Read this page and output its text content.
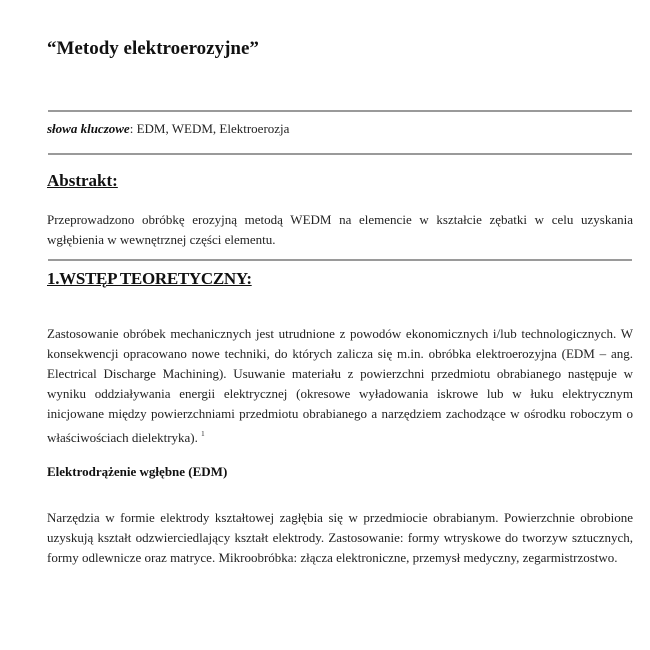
“Metody elektroerozyjne”
słowa kluczowe: EDM, WEDM, Elektroerozja
Abstrakt:
Przeprowadzono obróbkę erozyjną metodą WEDM na elemencie w kształcie zębatki w celu uzyskania wgłębienia w wewnętrznej części elementu.
1.WSTĘP TEORETYCZNY:
Zastosowanie obróbek mechanicznych jest utrudnione z powodów ekonomicznych i/lub technologicznych. W konsekwencji opracowano nowe techniki, do których zalicza się m.in. obróbka elektroerozyjna (EDM – ang. Electrical Discharge Machining). Usuwanie materiału z powierzchni przedmiotu obrabianego następuje w wyniku oddziaływania energii elektrycznej (okresowe wyładowania iskrowe lub w łuku elektrycznym inicjowane między powierzchniami przedmiotu obrabianego a narzędziem zachodzące w ośrodku roboczym o właściwościach dielektryka). $^1$
Elektrodrążenie wgłębne (EDM)
Narzędzia w formie elektrody kształtowej zagłębia się w przedmiocie obrabianym. Powierzchnie obrobione uzyskują kształt odzwierciedlający kształt elektrody. Zastosowanie: formy wtryskowe do tworzyw sztucznych, formy odlewnicze oraz matryce. Mikroobróbka: złącza elektroniczne, przemysł medyczny, zegarmistrzostwo.
